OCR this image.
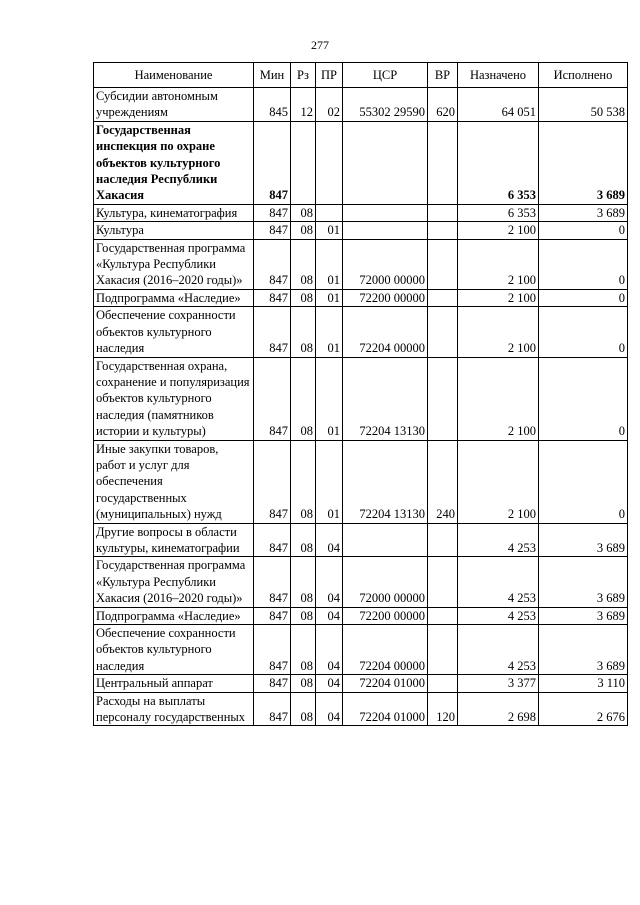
277
Наименование	Мин	Рз	ПР	ЦСР	ВР	Назначено	Исполнено
Субсидии автономным учреждениям	845	12	02	55302 29590	620	64 051	50 538
Государственная инспекция по охране объектов культурного наследия Республики Хакасия	847					6 353	3 689
Культура, кинематография	847	08				6 353	3 689
Культура	847	08	01			2 100	0
Государственная программа «Культура Республики Хакасия (2016–2020 годы)»	847	08	01	72000 00000		2 100	0
Подпрограмма «Наследие»	847	08	01	72200 00000		2 100	0
Обеспечение сохранности объектов культурного наследия	847	08	01	72204 00000		2 100	0
Государственная охрана, сохранение и популяризация объектов культурного наследия (памятников истории и культуры)	847	08	01	72204 13130		2 100	0
Иные закупки товаров, работ и услуг для обеспечения государственных (муниципальных) нужд	847	08	01	72204 13130	240	2 100	0
Другие вопросы в области культуры, кинематографии	847	08	04			4 253	3 689
Государственная программа «Культура Республики Хакасия (2016–2020 годы)»	847	08	04	72000 00000		4 253	3 689
Подпрограмма «Наследие»	847	08	04	72200 00000		4 253	3 689
Обеспечение сохранности объектов культурного наследия	847	08	04	72204 00000		4 253	3 689
Центральный аппарат	847	08	04	72204 01000		3 377	3 110
Расходы на выплаты персоналу государственных	847	08	04	72204 01000	120	2 698	2 676
